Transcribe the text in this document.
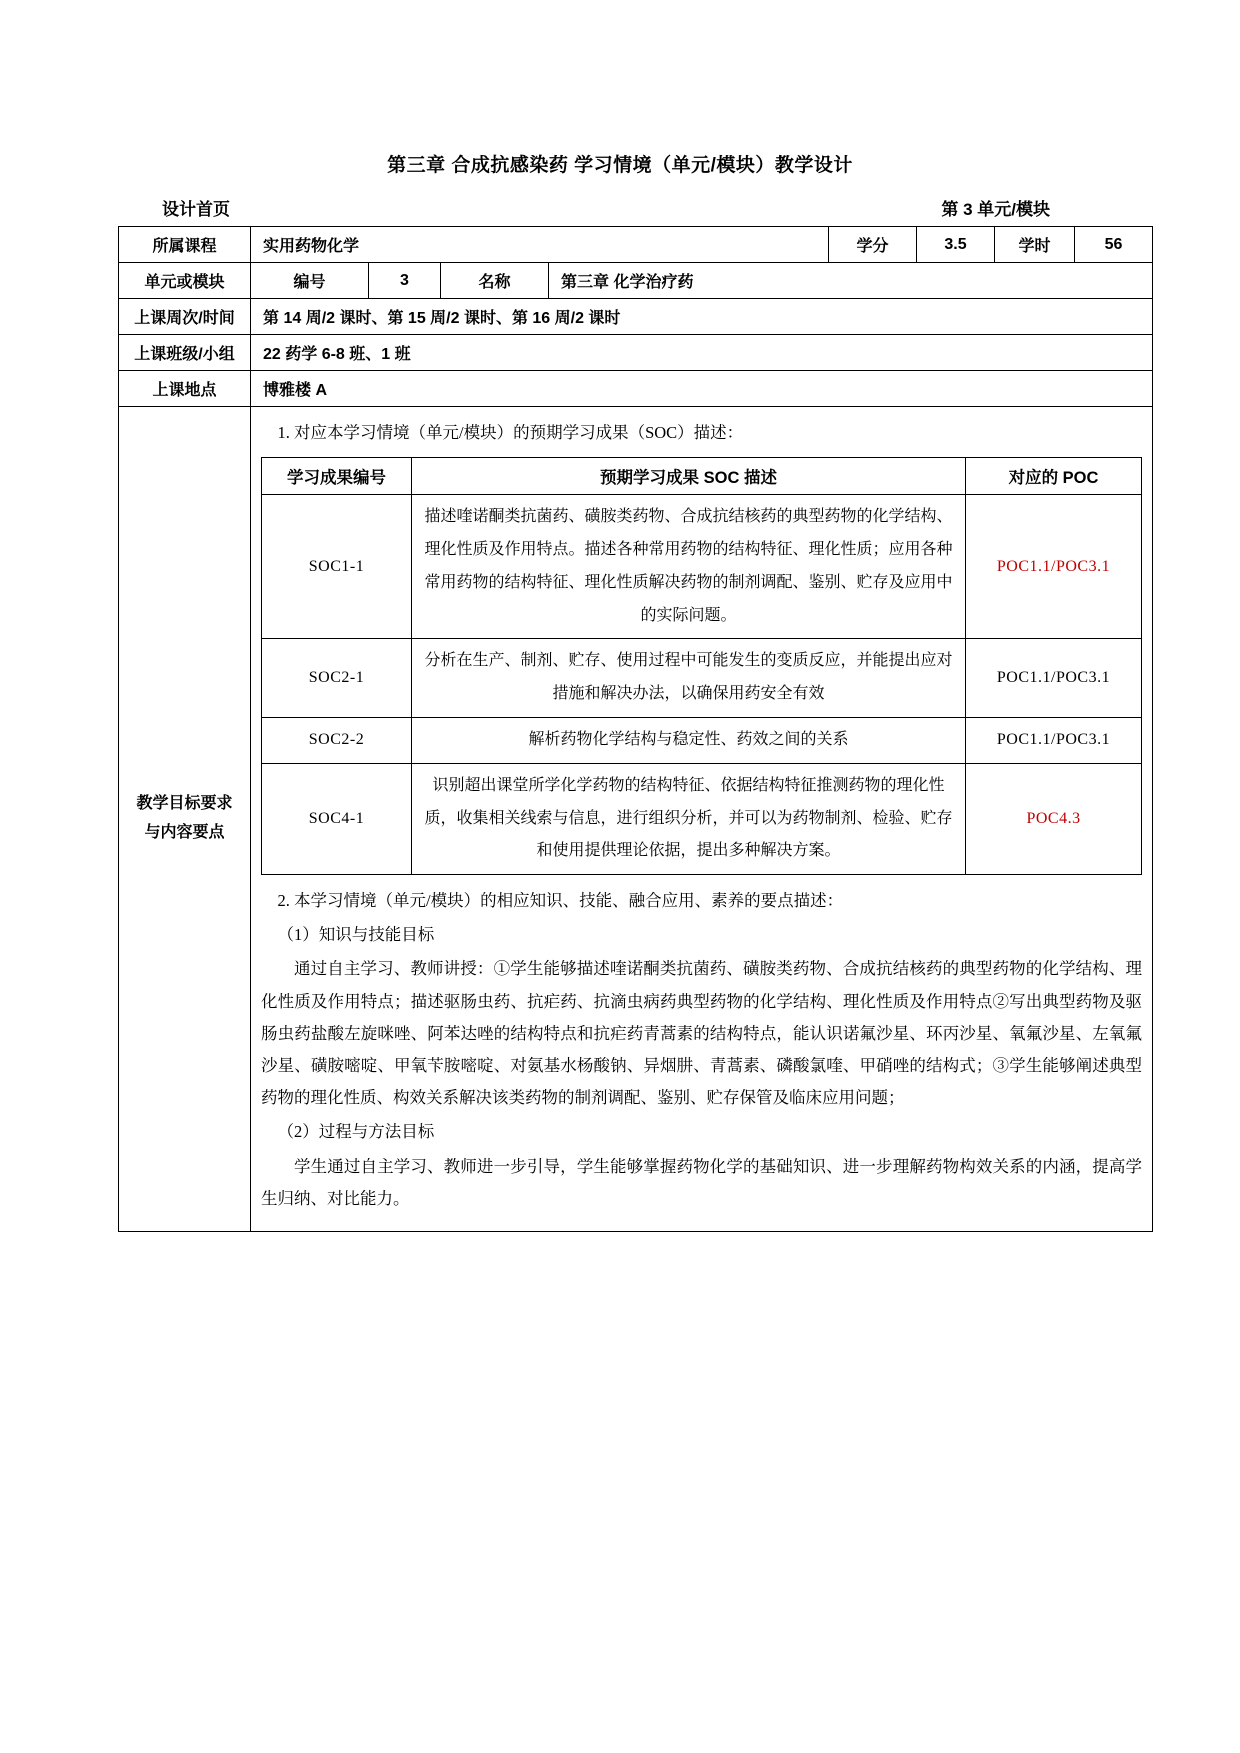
第三章 合成抗感染药 学习情境（单元/模块）教学设计
设计首页	第 3 单元/模块
所属课程	实用药物化学	学分	3.5	学时	56
单元或模块	编号	3	名称	第三章 化学治疗药
上课周次/时间	第 14 周/2 课时、第 15 周/2 课时、第 16 周/2 课时
上课班级/小组	22 药学 6-8 班、1 班
上课地点	博雅楼 A

教学目标要求
与内容要点

1. 对应本学习情境（单元/模块）的预期学习成果（SOC）描述：

学习成果编号	预期学习成果 SOC 描述	对应的 POC
SOC1-1	描述喹诺酮类抗菌药、磺胺类药物、合成抗结核药的典型药物的化学结构、理化性质及作用特点。描述各种常用药物的结构特征、理化性质；应用各种常用药物的结构特征、理化性质解决药物的制剂调配、鉴别、贮存及应用中的实际问题。	POC1.1/POC3.1
SOC2-1	分析在生产、制剂、贮存、使用过程中可能发生的变质反应，并能提出应对措施和解决办法，以确保用药安全有效	POC1.1/POC3.1
SOC2-2	解析药物化学结构与稳定性、药效之间的关系	POC1.1/POC3.1
SOC4-1	识别超出课堂所学化学药物的结构特征、依据结构特征推测药物的理化性质，收集相关线索与信息，进行组织分析，并可以为药物制剂、检验、贮存和使用提供理论依据，提出多种解决方案。	POC4.3

2. 本学习情境（单元/模块）的相应知识、技能、融合应用、素养的要点描述：

（1）知识与技能目标

通过自主学习、教师讲授：①学生能够描述喹诺酮类抗菌药、磺胺类药物、合成抗结核药的典型药物的化学结构、理化性质及作用特点；描述驱肠虫药、抗疟药、抗滴虫病药典型药物的化学结构、理化性质及作用特点②写出典型药物及驱肠虫药盐酸左旋咪唑、阿苯达唑的结构特点和抗疟药青蒿素的结构特点，能认识诺氟沙星、环丙沙星、氧氟沙星、左氧氟沙星、磺胺嘧啶、甲氧苄胺嘧啶、对氨基水杨酸钠、异烟肼、青蒿素、磷酸氯喹、甲硝唑的结构式；③学生能够阐述典型药物的理化性质、构效关系解决该类药物的制剂调配、鉴别、贮存保管及临床应用问题；

（2）过程与方法目标

学生通过自主学习、教师进一步引导，学生能够掌握药物化学的基础知识、进一步理解药物构效关系的内涵，提高学生归纳、对比能力。
